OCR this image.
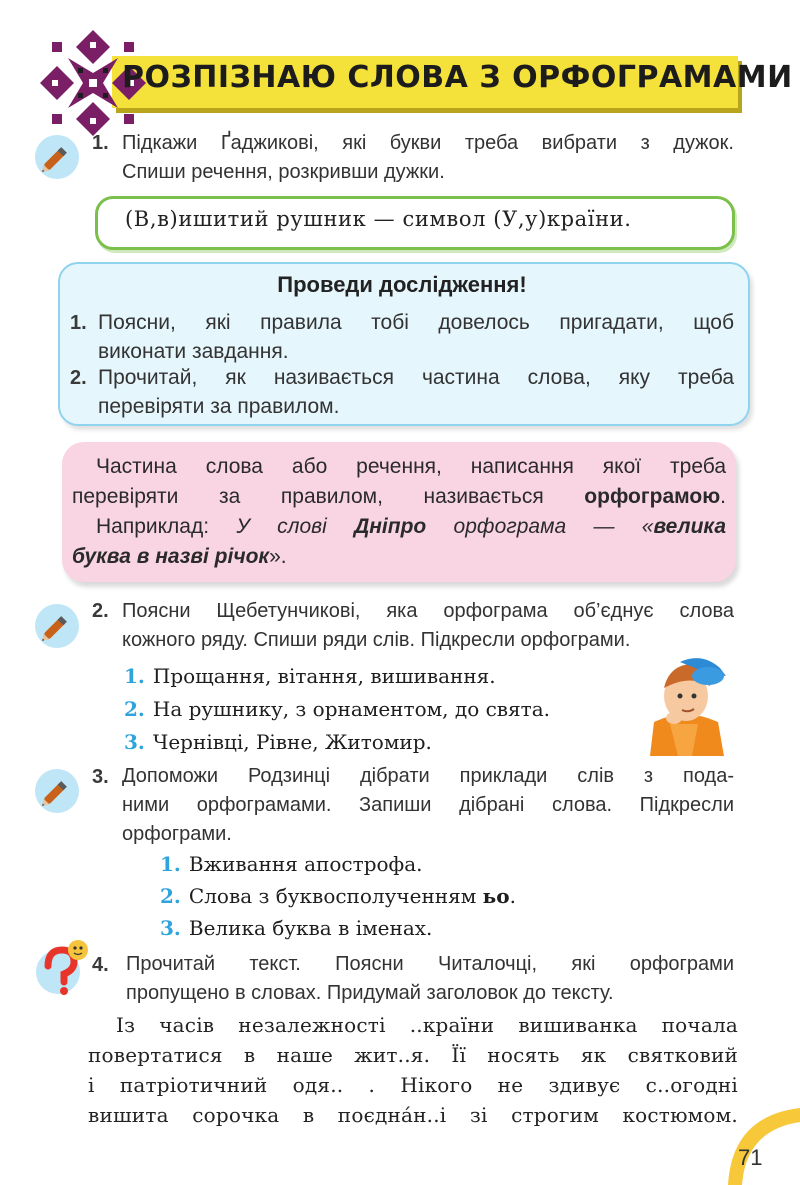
РОЗПІЗНАЮ СЛОВА З ОРФОГРАМАМИ
1. Підкажи Ґаджикові, які букви треба вибрати з дужок.
Спиши речення, розкривши дужки.
(В,в)ишитий рушник — символ (У,у)країни.
Проведи дослідження!
1. Поясни, які правила тобі довелось пригадати, щоб
виконати завдання.
2. Прочитай, як називається частина слова, яку треба
перевіряти за правилом.
Частина слова або речення, написання якої треба
перевіряти за правилом, називається орфограмою.
Наприклад: У слові Дніпро орфограма — «велика
буква в назві річок».
2. Поясни Щебетунчикові, яка орфограма об’єднує слова
кожного ряду. Спиши ряди слів. Підкресли орфограми.
1. Прощання, вітання, вишивання.
2. На рушнику, з орнаментом, до свята.
3. Чернівці, Рівне, Житомир.
3. Допоможи Родзинці дібрати приклади слів з пода-
ними орфограмами. Запиши дібрані слова. Підкресли
орфограми.
1. Вживання апострофа.
2. Слова з буквосполученням ьо.
3. Велика буква в іменах.
4. Прочитай текст. Поясни Читалочці, які орфограми
пропущено в словах. Придумай заголовок до тексту.
Із часів незалежності ..країни вишиванка почала
повертатися в наше жит..я. Її носять як святковий
і патріотичний одя.. . Нікого не здивує с..огодні
вишита сорочка в поєдна́н..і зі строгим костюмом.
71
